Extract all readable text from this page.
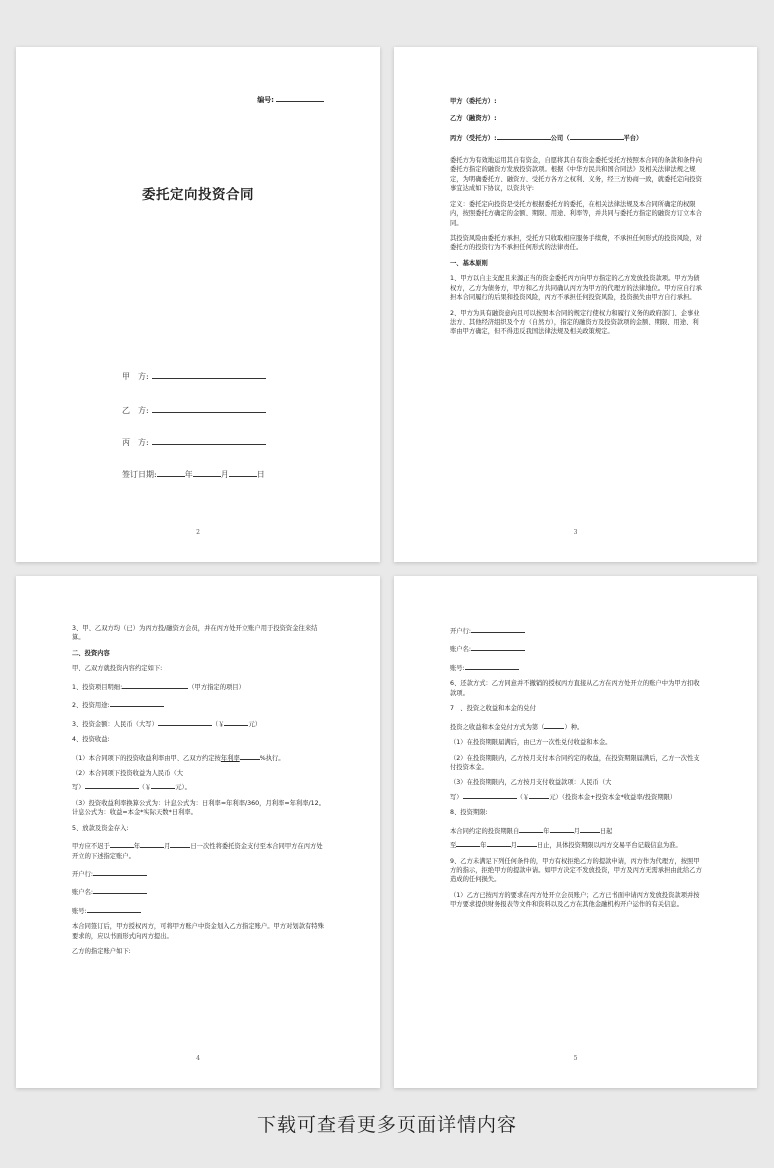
编号:
委托定向投资合同
甲　方:
乙　方:
丙　方:
签订日期:	年	月	日
2

甲方（委托方）:

乙方（融资方）:

丙方（受托方）:	公司（	平台）

委托方为有效地运用其自有资金，自愿将其自有资金委托受托方按照本合同的条款和条件向委托方指定的融资方发放投资款项。根据《中华方民共和国合同法》及相关法律法规之规定，为明确委托方、融资方、受托方各方之权利、义务，经三方协商一致，就委托定向投资事宜达成如下协议，以资共守:

定义：委托定向投资是受托方根据委托方的委托，在相关法律法规及本合同所确定的权限内，按照委托方确定的金额、期限、用途、利率等，并共同与委托方指定的融资方订立本合同。

其投资风险由委托方承担，受托方只收取相应服务手续费，不承担任何形式的投资风险，对委托方的投资行为不承担任何形式的法律责任。

一、基本原则

1、甲方以自主支配且来源正当的资金委托丙方向甲方指定的乙方发放投资款项。甲方为债权方，乙方为债务方，甲方和乙方共同确认丙方为甲方的代理方的法律地位。甲方应自行承担本合同履行的后果和投资风险，丙方不承担任何投资风险，投资损失由甲方自行承担。

2、甲方为具有融资意向且可以按照本合同的规定行使权力和履行义务的政府部门、企事业法方、其他经济组织及个方（自然方），指定的融资方及投资款项的金额、期限、用途、利率由甲方确定，但不得违反我国法律法规及相关政策规定。

3

3、甲、乙双方均（已）为丙方投/融资方会员，并在丙方处开立账户用于投资资金往来结算。

二、投资内容

甲、乙双方就投资内容约定如下:

1、投资项目明细:	（甲方指定的项目）

2、投资用途:

3、投资金额：人民币（大写）	（￥	元）

4、投资收益:

（1）本合同项下的投资收益利率由甲、乙双方约定按年利率	%执行。

（2）本合同项下投资收益为人民币（大

写）	（￥	元）。

（3）投资收益利率换算公式为：计息公式为：日利率=年利率/360，月利率=年利率/12。计息公式为：收益=本金*实际天数*日利率。

5、放款及资金存入:

甲方应不迟于	年	月	日一次性将委托资金支付至本合同甲方在丙方处开立的下述指定账户。

开户行:

账户名:

账号:

本合同签订后，甲方授权丙方，可将甲方账户中资金划入乙方指定账户。甲方对划款有特殊要求的，应以书面形式向丙方提出。

乙方的指定账户如下:

4

开户行:

账户名:

账号:

6、还款方式：乙方同意并不撤销的授权丙方直接从乙方在丙方处开立的账户中为甲方扣收款项。

7　、投资之收益和本金的兑付

投资之收益和本金兑付方式为第（	）种。

（1）在投资期限届满后，由已方一次性兑付收益和本金。

（2）在投资期限内，乙方按月支付本合同约定的收益，在投资期限届满后，乙方一次性支付投资本金。

（3）在投资期限内，乙方按月支付收益款项：人民币（大

写）	（￥	元）（投资本金+投资本金*收益率/投资期限）

8、投资期限:

本合同约定的投资期限自	年	月	日起

至	年	月	日止，具体投资期限以丙方交易平台记载信息为准。

9、乙方未满足下列任何条件的，甲方有权拒绝乙方的提款申请，丙方作为代理方，按照甲方的指示，拒绝甲方的提款申请。如甲方决定不发放投资，甲方及丙方无需承担由此给乙方造成的任何损失。

（1）乙方已按丙方的要求在丙方处开立会员账户；乙方已书面申请丙方发放投资款项并按甲方要求提供财务报表等文件和资料以及乙方在其他金融机构开户运作的有关信息。

5
下载可查看更多页面详情内容
